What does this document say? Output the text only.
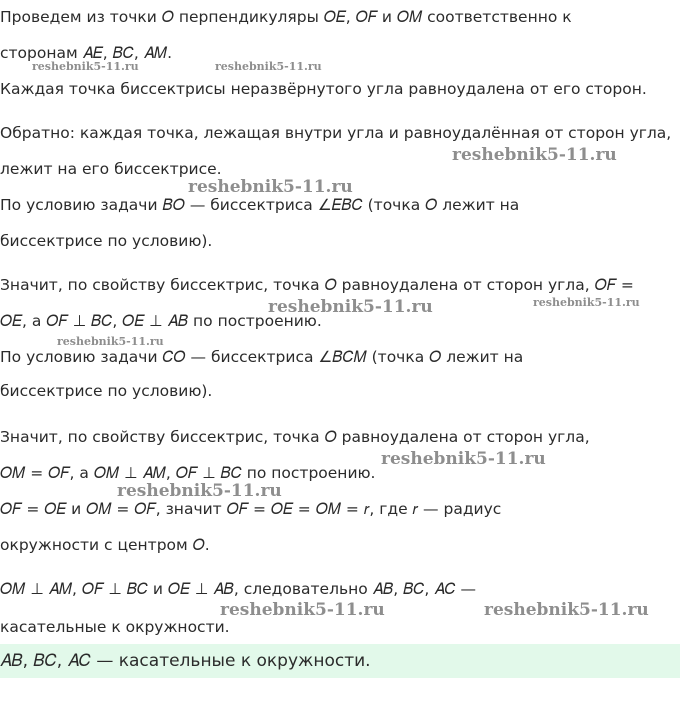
Проведем из точки 𝑂 перпендикуляры 𝑂𝐸, 𝑂𝐹 и 𝑂𝑀 соответственно к
сторонам 𝐴𝐸, 𝐵𝐶, 𝐴𝑀.
Каждая точка биссектрисы неразвёрнутого угла равноудалена от его сторон.
Обратно: каждая точка, лежащая внутри угла и равноудалённая от сторон угла,
лежит на его биссектрисе.
По условию задачи 𝐵𝑂 — биссектриса ∠𝐸𝐵𝐶 (точка 𝑂 лежит на
биссектрисе по условию).
Значит, по свойству биссектрис, точка 𝑂 равноудалена от сторон угла, 𝑂𝐹 =
𝑂𝐸, а 𝑂𝐹 ⊥ 𝐵𝐶, 𝑂𝐸 ⊥ 𝐴𝐵 по построению.
По условию задачи 𝐶𝑂 — биссектриса ∠𝐵𝐶𝑀 (точка 𝑂 лежит на
биссектрисе по условию).
Значит, по свойству биссектрис, точка 𝑂 равноудалена от сторон угла,
𝑂𝑀 = 𝑂𝐹, а 𝑂𝑀 ⊥ 𝐴𝑀, 𝑂𝐹 ⊥ 𝐵𝐶 по построению.
𝑂𝐹 = 𝑂𝐸 и 𝑂𝑀 = 𝑂𝐹, значит 𝑂𝐹 = 𝑂𝐸 = 𝑂𝑀 = 𝑟, где 𝑟 — радиус
окружности с центром 𝑂.
𝑂𝑀 ⊥ 𝐴𝑀, 𝑂𝐹 ⊥ 𝐵𝐶 и 𝑂𝐸 ⊥ 𝐴𝐵, следовательно 𝐴𝐵, 𝐵𝐶, 𝐴𝐶 —
касательные к окружности.
𝐴𝐵, 𝐵𝐶, 𝐴𝐶 — касательные к окружности.
reshebnik5-11.ru	reshebnik5-11.ru
reshebnik5-11.ru
reshebnik5-11.ru
reshebnik5-11.ru	reshebnik5-11.ru
reshebnik5-11.ru
reshebnik5-11.ru
reshebnik5-11.ru
reshebnik5-11.ru	reshebnik5-11.ru
